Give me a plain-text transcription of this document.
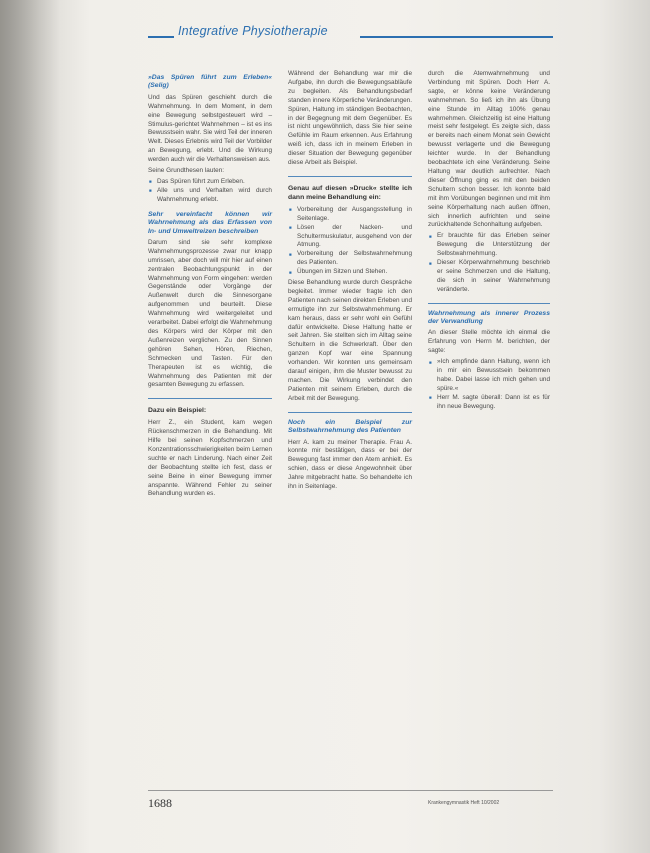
Integrative Physiotherapie
»Das Spüren führt zum Erleben« (Selig)

Und das Spüren geschieht durch die Wahrnehmung. In dem Moment, in dem eine Bewegung selbstgesteuert wird – Stimulus-gerichtet Wahrnehmen – ist es ins Bewusstsein wahr. Sie wird Teil der inneren Welt. Dieses Erlebnis wird Teil der Vorbilder an Bewegung, erlebt. Und die Wirkung werden auch wir die Verhaltensweisen aus.

Seine Grundthesen lauten:

■ Das Spüren führt zum Erleben.
■ Alle uns und Verhalten wird durch Wahrnehmung erlebt.
Sehr vereinfacht können wir Wahrnehmung als das Erfassen von In- und Umweltreizen beschreiben

Darum sind sie sehr komplexe Wahrnehmungsprozesse zwar nur knapp umrissen, aber doch will mir hier auf einen zentralen Beobachtungspunkt in der Wahrnehmung von Form eingehen: werden Gegenstände oder Vorgänge der Außenwelt durch die Sinnesorgane aufgenommen und beurteilt. Diese Wahrnehmung wird weitergeleitet und verarbeitet. Dabei erfolgt die Wahrnehmung des Körpers wird der Körper mit den Außenreizen verglichen. Zu den Sinnen gehören Sehen, Hören, Riechen, Schmecken und Tasten. Für den Therapeuten ist es wichtig, die Wahrnehmung des Patienten mit der gesamten Bewegung zu erfassen.

Dazu ein Beispiel:

Herr Z., ein Student, kam wegen Rückenschmerzen in die Behandlung. Mit Hilfe bei seinen Kopfschmerzen und Konzentrationsschwierigkeiten beim Lernen suchte er nach Linderung. Nach einer Zeit der Beobachtung stellte ich fest, dass er seine Beine in einer Bewegung immer anspannte. Während Fehler zu seiner Behandlung wurden es.

Während der Behandlung war mir die Aufgabe, ihn durch die Bewegungsabläufe zu begleiten. Als Behandlungsbedarf standen innere Körperliche Veränderungen. Spüren, Haltung im ständigen Beobachten, in der Begegnung mit dem Gegenüber. Es ist nicht ungewöhnlich, dass Sie hier seine Gefühle im Raum erkennen. Aus Erfahrung weiß ich, dass ich in meinem Erleben in dieser Situation der Bewegung gegenüber diese Arbeit als Beispiel.

Genau auf diesen »Druck« stellte ich dann meine Behandlung ein:
■ Vorbereitung der Ausgangsstellung in Seitenlage.
■ Lösen der Nacken- und Schultermuskulatur, ausgehend von der Atmung.
■ Vorbereitung der Selbstwahrnehmung des Patienten.
■ Übungen im Sitzen und Stehen.

Diese Behandlung wurde durch Gespräche begleitet. Immer wieder fragte ich den Patienten nach seinen direkten Erleben und ermutigte ihn zur Selbstwahrnehmung. Er kam heraus, dass er sehr wohl ein Gefühl dafür entwickelte. Diese Haltung hatte er seit Jahren. Sie stellten sich im Alltag seine Schultern in die Schwerkraft. Über den ganzen Kopf war eine Spannung vorhanden. Wir konnten uns gemeinsam darauf einigen, ihm die Muster bewusst zu machen. Die Wirkung verbindet den Patienten mit seinem Erleben, durch die Arbeit mit der Bewegung.

Noch ein Beispiel zur Selbstwahrnehmung des Patienten

Herr A. kam zu meiner Therapie. Frau A. konnte mir bestätigen, dass er bei der Bewegung fast immer den Atem anhielt. Es schien, dass er diese Angewohnheit über Jahre mitgebracht hatte. So behandelte ich ihn in Seitenlage.

durch die Atemwahrnehmung und Verbindung mit Spüren. Doch Herr A. sagte, er könne keine Veränderung wahrnehmen. So ließ ich ihn als Übung eine Stunde im Alltag 100% genau wahrnehmen. Gleichzeitig ist eine Haltung meist sehr festgelegt. Es zeigte sich, dass er bereits nach einem Monat sein Gewicht bewusst verlagerte und die Bewegung leichter wurde. In der Behandlung beobachtete ich eine Veränderung. Seine Haltung war deutlich aufrechter. Nach dieser Öffnung ging es mit den beiden Schultern schon besser. Ich konnte bald mit ihm Vorübungen beginnen und mit ihm seine Körperhaltung nach außen öffnen, sich innerlich aufrichten und seine zurückhaltende Schonhaltung aufgeben.

■ Er brauchte für das Erleben seiner Bewegung die Unterstützung der Selbstwahrnehmung.
■ Dieser Körperwahrnehmung beschrieb er seine Schmerzen und die Haltung, die sich in seiner Wahrnehmung veränderte.
Wahrnehmung als innerer Prozess der Verwandlung

An dieser Stelle möchte ich einmal die Erfahrung von Herrn M. berichten, der sagte:

■ »Ich empfinde dann Haltung, wenn ich in mir ein Bewusstsein bekommen habe. Dabei lasse ich mich gehen und spüre.«
■ Herr M. sagte überall: Dann ist es für ihn neue Bewegung.
1688	Krankengymnastik Heft 10/2002
